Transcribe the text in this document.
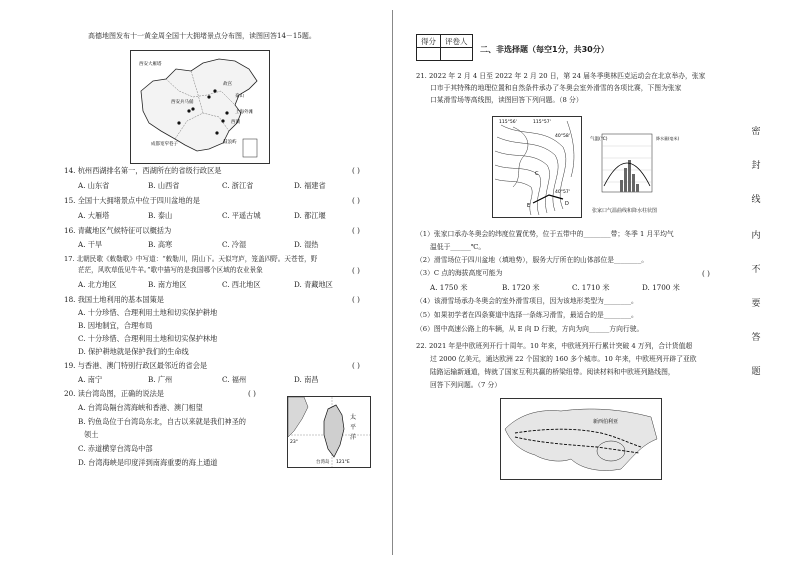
高德地图发布十一黄金周全国十大拥堵景点分布图，读图回答14－15题。
西安大雁塔
西湖
鼓浪屿
成都宽窄巷子
上海外滩
故宫
西安兵马俑
泰山
14. 杭州西湖排名第一，西湖所在的省级行政区是	( )
A. 山东省	B. 山西省	C. 浙江省	D. 福建省
15. 全国十大拥堵景点中位于四川盆地的是	( )
A. 大雁塔	B. 泰山	C. 平遥古城	D. 都江堰
16. 青藏地区气候特征可以概括为	( )
A. 干旱	B. 高寒	C. 冷湿	D. 湿热
17. 北朝民歌《敕勒歌》中写道：“敕勒川，阴山下。天似穹庐，笼盖四野。天苍苍，野
茫茫，风吹草低见牛羊。”歌中描写的是我国哪个区域的农业景象	( )
A. 北方地区	B. 南方地区	C. 西北地区	D. 青藏地区
18. 我国土地利用的基本国策是	( )
A. 十分珍惜、合理利用土地和切实保护耕地
B. 因地制宜，合理布局
C. 十分珍惜、合理利用土地和切实保护林地
D. 保护耕地就是保护我们的生命线
19. 与香港、澳门特别行政区最邻近的省会是	( )
A. 南宁	B. 广州	C. 福州	D. 南昌
20. 读台湾岛图，正确的说法是	( )
A. 台湾岛隔台湾海峡和香港、澳门相望
B. 钓鱼岛位于台湾岛东北，自古以来就是我们神圣的
领土
C. 赤道横穿台湾岛中部
D. 台湾海峡是印度洋到南海重要的海上通道
太
平
洋
台湾岛
23°
121°E
得分	评卷人

二、非选择题（每空1分，共30分）
21. 2022 年 2 月 4 日至 2022 年 2 月 20 日，第 24 届冬季奥林匹克运动会在北京举办，张家
口市于其特殊的地理位置和自然条件承办了冬奥会室外滑雪的各项比赛，下图为张家
口某滑雪场等高线图，读图回答下列问题。（8 分）
115°56'	115°57'
40°58'
40°57'
C
D
E
气温(℃)	降水量(毫米)
张家口气温曲线和降水柱状图
（1）张家口承办冬奥会的纬度位置优势，位于五带中的________带；冬季 1 月平均气
温低于______℃。
（2）滑雪场位于四川盆地（填地势），服务大厅所在的山体部位是________。
（3）C 点的海拔高度可能为	( )
A. 1750 米	B. 1720 米	C. 1710 米	D. 1700 米
（4）该滑雪场承办冬奥会的室外滑雪项目，因为该地形类型为________。
（5）如果初学者在四条赛道中选择一条练习滑雪，最适合的是________。
（6）图中高速公路上的车辆，从 E 向 D 行驶，方向为向______方向行驶。
22. 2021 年是中欧班列开行十周年。10 年来，中欧班列开行累计突破 4 万列，合计货值超
过 2000 亿美元，通达欧洲 22 个国家的 160 多个城市。10 年来，中欧班列开辟了亚欧
陆路运输新通道，铸就了国家互利共赢的桥梁纽带。阅读材料和中欧班列路线图，
回答下列问题。（7 分）
新西伯利亚
密
封
线
内
不
要
答
题
